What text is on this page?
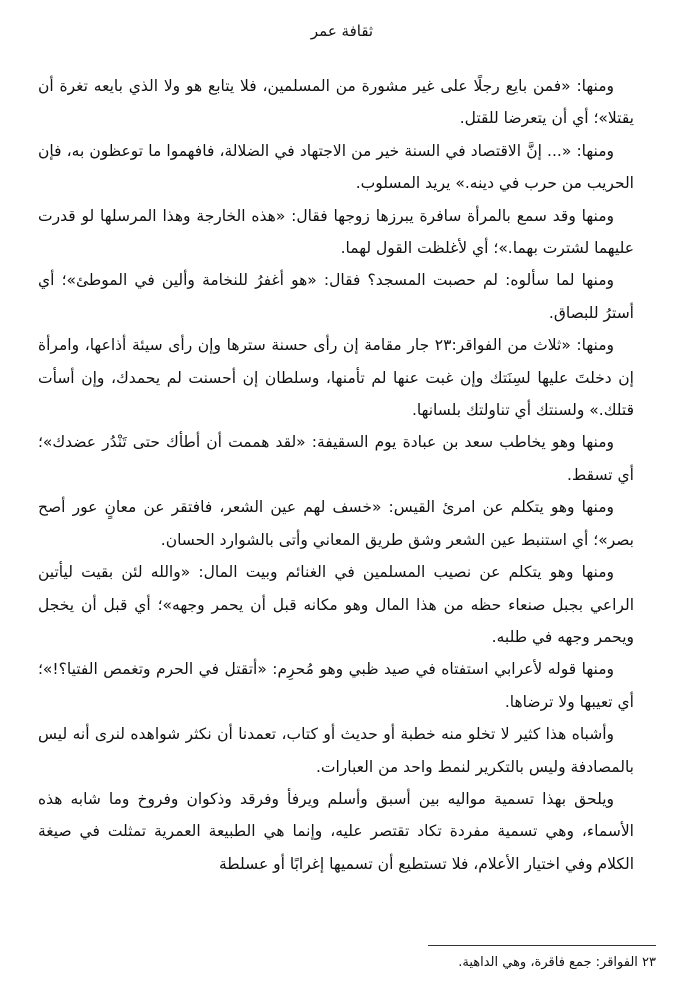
ثقافة عمر

ومنها: «فمن بايع رجلًا على غير مشورة من المسلمين، فلا يتابع هو ولا الذي بايعه تغرة أن يقتلا»؛ أي أن يتعرضا للقتل.

ومنها: «... إنَّ الاقتصاد في السنة خير من الاجتهاد في الضلالة، فافهموا ما توعظون به، فإن الحريب من حرب في دينه.» يريد المسلوب.

ومنها وقد سمع بالمرأة سافرة يبرزها زوجها فقال: «هذه الخارجة وهذا المرسلها لو قدرت عليهما لشترت بهما.»؛ أي لأغلظت القول لهما.

ومنها لما سألوه: لم حصبت المسجد؟ فقال: «هو أغفرُ للنخامة وألين في الموطئ»؛ أي أسترُ للبصاق.

ومنها: «ثلاث من الفواقر:٢٣ جار مقامة إن رأى حسنة سترها وإن رأى سيئة أذاعها، وامرأة إن دخلتَ عليها لسِنَتك وإن غبت عنها لم تأمنها، وسلطان إن أحسنت لم يحمدك، وإن أسأت قتلك.» ولسنتك أي تناولتك بلسانها.

ومنها وهو يخاطب سعد بن عبادة يوم السقيفة: «لقد هممت أن أطأك حتى تَنْدُر عضدك»؛ أي تسقط.

ومنها وهو يتكلم عن امرئ القيس: «خسف لهم عين الشعر، فافتقر عن معانٍ عور أصح بصر»؛ أي استنبط عين الشعر وشق طريق المعاني وأتى بالشوارد الحسان.

ومنها وهو يتكلم عن نصيب المسلمين في الغنائم وبيت المال: «والله لئن بقيت ليأتين الراعي بجبل صنعاء حظه من هذا المال وهو مكانه قبل أن يحمر وجهه»؛ أي قبل أن يخجل ويحمر وجهه في طلبه.

ومنها قوله لأعرابي استفتاه في صيد ظبي وهو مُحرِم: «أتقتل في الحرم وتغمص الفتيا؟!»؛ أي تعيبها ولا ترضاها.

وأشباه هذا كثير لا تخلو منه خطبة أو حديث أو كتاب، تعمدنا أن نكثر شواهده لنرى أنه ليس بالمصادفة وليس بالتكرير لنمط واحد من العبارات.

ويلحق بهذا تسمية مواليه بين أسبق وأسلم ويرفأ وفرقد وذكوان وفروخ وما شابه هذه الأسماء، وهي تسمية مفردة تكاد تقتصر عليه، وإنما هي الطبيعة العمرية تمثلت في صيغة الكلام وفي اختيار الأعلام، فلا تستطيع أن تسميها إغرابًا أو عسلطة

٢٣ الفواقر: جمع فاقرة، وهي الداهية.
